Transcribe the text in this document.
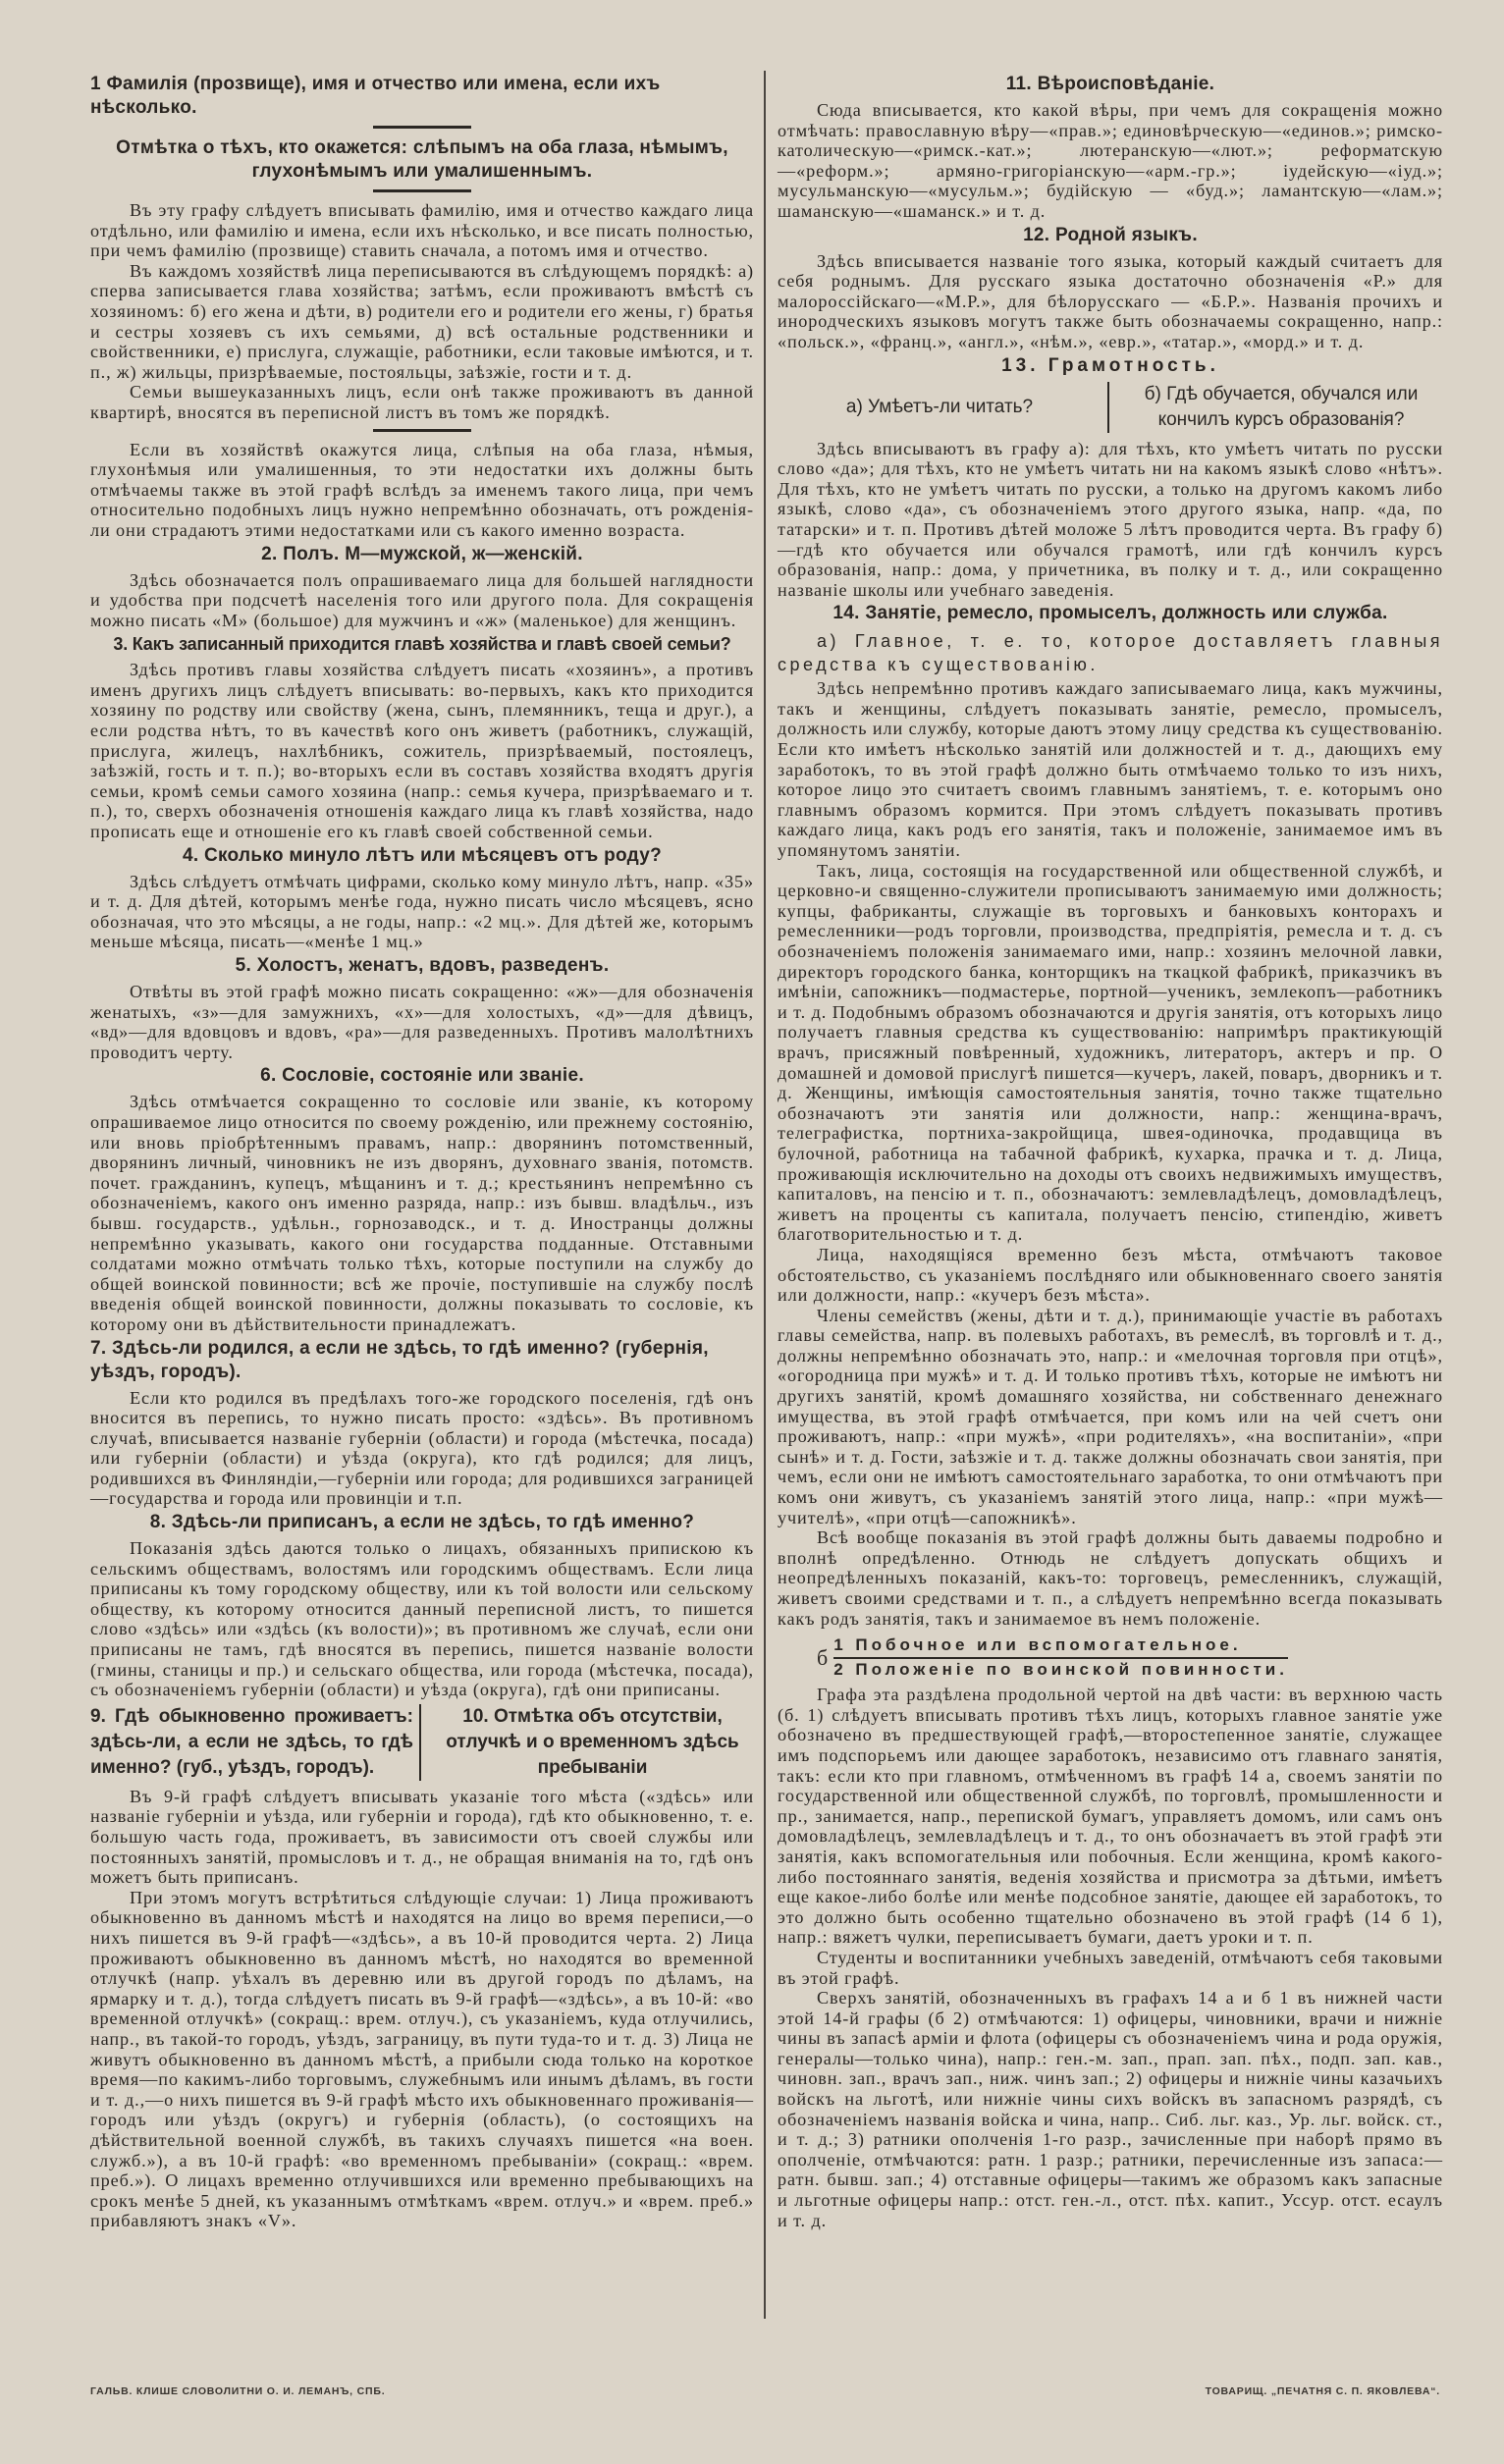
1 Фамилія (прозвище), имя и отчество или имена, если ихъ нѣсколько.
Отмѣтка о тѣхъ, кто окажется: слѣпымъ на оба глаза, нѣмымъ, глухонѣмымъ или умалишеннымъ.

Въ эту графу слѣдуетъ вписывать фамилію, имя и отчество каждаго лица отдѣльно, или фамилію и имена, если ихъ нѣсколько, и все писать полностью, при чемъ фамилію (прозвище) ставить сначала, а потомъ имя и отчество.

Въ каждомъ хозяйствѣ лица переписываются въ слѣдующемъ порядкѣ: а) сперва записывается глава хозяйства; затѣмъ, если проживаютъ вмѣстѣ съ хозяиномъ: б) его жена и дѣти, в) родители его и родители его жены, г) братья и сестры хозяевъ съ ихъ семьями, д) всѣ остальные родственники и свойственники, е) прислуга, служащіе, работники, если таковые имѣются, и т. п., ж) жильцы, призрѣваемые, постояльцы, заѣзжіе, гости и т. д.

Семьи вышеуказанныхъ лицъ, если онѣ также проживаютъ въ данной квартирѣ, вносятся въ переписной листъ въ томъ же порядкѣ.

Если въ хозяйствѣ окажутся лица, слѣпыя на оба глаза, нѣмыя, глухонѣмыя или умалишенныя, то эти недостатки ихъ должны быть отмѣчаемы также въ этой графѣ вслѣдъ за именемъ такого лица, при чемъ относительно подобныхъ лицъ нужно непремѣнно обозначать, отъ рожденія-ли они страдаютъ этими недостатками или съ какого именно возраста.

2. Полъ. М—мужской, ж—женскій.

Здѣсь обозначается полъ опрашиваемаго лица для большей наглядности и удобства при подсчетѣ населенія того или другого пола. Для сокращенія можно писать «М» (большое) для мужчинъ и «ж» (маленькое) для женщинъ.

3. Какъ записанный приходится главѣ хозяйства и главѣ своей семьи?

Здѣсь противъ главы хозяйства слѣдуетъ писать «хозяинъ», а противъ именъ другихъ лицъ слѣдуетъ вписывать: во-первыхъ, какъ кто приходится хозяину по родству или свойству (жена, сынъ, племянникъ, теща и друг.), а если родства нѣтъ, то въ качествѣ кого онъ живетъ (работникъ, служащій, прислуга, жилецъ, нахлѣбникъ, сожитель, призрѣваемый, постоялецъ, заѣзжій, гость и т. п.); во-вторыхъ если въ составъ хозяйства входятъ другія семьи, кромѣ семьи самого хозяина (напр.: семья кучера, призрѣваемаго и т. п.), то, сверхъ обозначенія отношенія каждаго лица къ главѣ хозяйства, надо прописать еще и отношеніе его къ главѣ своей собственной семьи.

4. Сколько минуло лѣтъ или мѣсяцевъ отъ роду?

Здѣсь слѣдуетъ отмѣчать цифрами, сколько кому минуло лѣтъ, напр. «35» и т. д. Для дѣтей, которымъ менѣе года, нужно писать число мѣсяцевъ, ясно обозначая, что это мѣсяцы, а не годы, напр.: «2 мц.». Для дѣтей же, которымъ меньше мѣсяца, писать—«менѣе 1 мц.»

5. Холостъ, женатъ, вдовъ, разведенъ.

Отвѣты въ этой графѣ можно писать сокращенно: «ж»—для обозначенія женатыхъ, «з»—для замужнихъ, «х»—для холостыхъ, «д»—для дѣвицъ, «вд»—для вдовцовъ и вдовъ, «ра»—для разведенныхъ. Противъ малолѣтнихъ проводитъ черту.

6. Сословіе, состояніе или званіе.

Здѣсь отмѣчается сокращенно то сословіе или званіе, къ которому опрашиваемое лицо относится по своему рожденію, или прежнему состоянію, или вновь пріобрѣтеннымъ правамъ, напр.: дворянинъ потомственный, дворянинъ личный, чиновникъ не изъ дворянъ, духовнаго званія, потомств. почет. гражданинъ, купецъ, мѣщанинъ и т. д.; крестьянинъ непремѣнно съ обозначеніемъ, какого онъ именно разряда, напр.: изъ бывш. владѣльч., изъ бывш. государств., удѣльн., горнозаводск., и т. д. Иностранцы должны непремѣнно указывать, какого они государства подданные. Отставными солдатами можно отмѣчать только тѣхъ, которые поступили на службу до общей воинской повинности; всѣ же прочіе, поступившіе на службу послѣ введенія общей воинской повинности, должны показывать то сословіе, къ которому они въ дѣйствительности принадлежатъ.

7. Здѣсь-ли родился, а если не здѣсь, то гдѣ именно? (губернія, уѣздъ, городъ).

Если кто родился въ предѣлахъ того-же городского поселенія, гдѣ онъ вносится въ перепись, то нужно писать просто: «здѣсь». Въ противномъ случаѣ, вписывается названіе губерніи (области) и города (мѣстечка, посада) или губерніи (области) и уѣзда (округа), кто гдѣ родился; для лицъ, родившихся въ Финляндіи,—губерніи или города; для родившихся заграницей—государства и города или провинціи и т.п.

8. Здѣсь-ли приписанъ, а если не здѣсь, то гдѣ именно?

Показанія здѣсь даются только о лицахъ, обязанныхъ припискою къ сельскимъ обществамъ, волостямъ или городскимъ обществамъ. Если лица приписаны къ тому городскому обществу, или къ той волости или сельскому обществу, къ которому относится данный переписной листъ, то пишется слово «здѣсь» или «здѣсь (къ волости)»; въ противномъ же случаѣ, если они приписаны не тамъ, гдѣ вносятся въ перепись, пишется названіе волости (гмины, станицы и пр.) и сельскаго общества, или города (мѣстечка, посада), съ обозначеніемъ губерніи (области) и уѣзда (округа), гдѣ они приписаны.

9. Гдѣ обыкновенно проживаетъ: здѣсь-ли, а если не здѣсь, то гдѣ именно? (губ., уѣздъ, городъ).
10. Отмѣтка объ отсутствіи, отлучкѣ и о временномъ здѣсь пребываніи

Въ 9-й графѣ слѣдуетъ вписывать указаніе того мѣста («здѣсь» или названіе губерніи и уѣзда, или губерніи и города), гдѣ кто обыкновенно, т. е. большую часть года, проживаетъ, въ зависимости отъ своей службы или постоянныхъ занятій, промысловъ и т. д., не обращая вниманія на то, гдѣ онъ можетъ быть приписанъ.

При этомъ могутъ встрѣтиться слѣдующіе случаи: 1) Лица проживаютъ обыкновенно въ данномъ мѣстѣ и находятся на лицо во время переписи,—о нихъ пишется въ 9-й графѣ—«здѣсь», а въ 10-й проводится черта. 2) Лица проживаютъ обыкновенно въ данномъ мѣстѣ, но находятся во временной отлучкѣ (напр. уѣхалъ въ деревню или въ другой городъ по дѣламъ, на ярмарку и т. д.), тогда слѣдуетъ писать въ 9-й графѣ—«здѣсь», а въ 10-й: «во временной отлучкѣ» (сокращ.: врем. отлуч.), съ указаніемъ, куда отлучились, напр., въ такой-то городъ, уѣздъ, заграницу, въ пути туда-то и т. д. 3) Лица не живутъ обыкновенно въ данномъ мѣстѣ, а прибыли сюда только на короткое время—по какимъ-либо торговымъ, служебнымъ или инымъ дѣламъ, въ гости и т. д.,—о нихъ пишется въ 9-й графѣ мѣсто ихъ обыкновеннаго проживанія—городъ или уѣздъ (округъ) и губернія (область), (о состоящихъ на дѣйствительной военной службѣ, въ такихъ случаяхъ пишется «на воен. служб.»), а въ 10-й графѣ: «во временномъ пребываніи» (сокращ.: «врем. преб.»). О лицахъ временно отлучившихся или временно пребывающихъ на срокъ менѣе 5 дней, къ указаннымъ отмѣткамъ «врем. отлуч.» и «врем. преб.» прибавляютъ знакъ «V».

11. Вѣроисповѣданіе.

Сюда вписывается, кто какой вѣры, при чемъ для сокращенія можно отмѣчать: православную вѣру—«прав.»; единовѣрческую—«единов.»; римско-католическую—«римск.-кат.»; лютеранскую—«лют.»; реформатскую—«реформ.»; армяно-григоріанскую—«арм.-гр.»; іудейскую—«іуд.»; мусульманскую—«мусульм.»; будійскую — «буд.»; ламантскую—«лам.»; шаманскую—«шаманск.» и т. д.

12. Родной языкъ.

Здѣсь вписывается названіе того языка, который каждый считаетъ для себя роднымъ. Для русскаго языка достаточно обозначенія «Р.» для малороссійскаго—«М.Р.», для бѣлорусскаго — «Б.Р.». Названія прочихъ и инородческихъ языковъ могутъ также быть обозначаемы сокращенно, напр.: «польск.», «франц.», «англ.», «нѣм.», «евр.», «татар.», «морд.» и т. д.

13. Грамотность.
а) Умѣетъ-ли читать?
б) Гдѣ обучается, обучался или кончилъ курсъ образованія?

Здѣсь вписываютъ въ графу а): для тѣхъ, кто умѣетъ читать по русски слово «да»; для тѣхъ, кто не умѣетъ читать ни на какомъ языкѣ слово «нѣтъ». Для тѣхъ, кто не умѣетъ читать по русски, а только на другомъ какомъ либо языкѣ, слово «да», съ обозначеніемъ этого другого языка, напр. «да, по татарски» и т. п. Противъ дѣтей моложе 5 лѣтъ проводится черта. Въ графу б)—гдѣ кто обучается или обучался грамотѣ, или гдѣ кончилъ курсъ образованія, напр.: дома, у причетника, въ полку и т. д., или сокращенно названіе школы или учебнаго заведенія.

14. Занятіе, ремесло, промыселъ, должность или служба.
а) Главное, т. е. то, которое доставляетъ главныя средства къ существованію.

Здѣсь непремѣнно противъ каждаго записываемаго лица, какъ мужчины, такъ и женщины, слѣдуетъ показывать занятіе, ремесло, промыселъ, должность или службу, которые даютъ этому лицу средства къ существованію. Если кто имѣетъ нѣсколько занятій или должностей и т. д., дающихъ ему заработокъ, то въ этой графѣ должно быть отмѣчаемо только то изъ нихъ, которое лицо это считаетъ своимъ главнымъ занятіемъ, т. е. которымъ оно главнымъ образомъ кормится. При этомъ слѣдуетъ показывать противъ каждаго лица, какъ родъ его занятія, такъ и положеніе, занимаемое имъ въ упомянутомъ занятіи.

Такъ, лица, состоящія на государственной или общественной службѣ, и церковно-и священно-служители прописываютъ занимаемую ими должность; купцы, фабриканты, служащіе въ торговыхъ и банковыхъ конторахъ и ремесленники—родъ торговли, производства, предпріятія, ремесла и т. д. съ обозначеніемъ положенія занимаемаго ими, напр.: хозяинъ мелочной лавки, директоръ городского банка, конторщикъ на ткацкой фабрикѣ, приказчикъ въ имѣніи, сапожникъ—подмастерье, портной—ученикъ, землекопъ—работникъ и т. д. Подобнымъ образомъ обозначаются и другія занятія, отъ которыхъ лицо получаетъ главныя средства къ существованію: напримѣръ практикующій врачъ, присяжный повѣренный, художникъ, литераторъ, актеръ и пр. О домашней и домовой прислугѣ пишется—кучеръ, лакей, поваръ, дворникъ и т. д. Женщины, имѣющія самостоятельныя занятія, точно также тщательно обозначаютъ эти занятія или должности, напр.: женщина-врачъ, телеграфистка, портниха-закройщица, швея-одиночка, продавщица въ булочной, работница на табачной фабрикѣ, кухарка, прачка и т. д. Лица, проживающія исключительно на доходы отъ своихъ недвижимыхъ имуществъ, капиталовъ, на пенсію и т. п., обозначаютъ: землевладѣлецъ, домовладѣлецъ, живетъ на проценты съ капитала, получаетъ пенсію, стипендію, живетъ благотворительностью и т. д.

Лица, находящіяся временно безъ мѣста, отмѣчаютъ таковое обстоятельство, съ указаніемъ послѣдняго или обыкновеннаго своего занятія или должности, напр.: «кучеръ безъ мѣста».

Члены семействъ (жены, дѣти и т. д.), принимающіе участіе въ работахъ главы семейства, напр. въ полевыхъ работахъ, въ ремеслѣ, въ торговлѣ и т. д., должны непремѣнно обозначать это, напр.: и «мелочная торговля при отцѣ», «огородница при мужѣ» и т. д. И только противъ тѣхъ, которые не имѣютъ ни другихъ занятій, кромѣ домашняго хозяйства, ни собственнаго денежнаго имущества, въ этой графѣ отмѣчается, при комъ или на чей счетъ они проживаютъ, напр.: «при мужѣ», «при родителяхъ», «на воспитаніи», «при сынѣ» и т. д. Гости, заѣзжіе и т. д. также должны обозначать свои занятія, при чемъ, если они не имѣютъ самостоятельнаго заработка, то они отмѣчаютъ при комъ они живутъ, съ указаніемъ занятій этого лица, напр.: «при мужѣ—учителѣ», «при отцѣ—сапожникѣ».

Всѣ вообще показанія въ этой графѣ должны быть даваемы подробно и вполнѣ опредѣленно. Отнюдь не слѣдуетъ допускать общихъ и неопредѣленныхъ показаній, какъ-то: торговецъ, ремесленникъ, служащій, живетъ своими средствами и т. п., а слѣдуетъ непремѣнно всегда показывать какъ родъ занятія, такъ и занимаемое въ немъ положеніе.

б 1 Побочное или вспомогательное.
2 Положеніе по воинской повинности.

Графа эта раздѣлена продольной чертой на двѣ части: въ верхнюю часть (б. 1) слѣдуетъ вписывать противъ тѣхъ лицъ, которыхъ главное занятіе уже обозначено въ предшествующей графѣ,—второстепенное занятіе, служащее имъ подспорьемъ или дающее заработокъ, независимо отъ главнаго занятія, такъ: если кто при главномъ, отмѣченномъ въ графѣ 14 а, своемъ занятіи по государственной или общественной службѣ, по торговлѣ, промышленности и пр., занимается, напр., перепиской бумагъ, управляетъ домомъ, или самъ онъ домовладѣлецъ, землевладѣлецъ и т. д., то онъ обозначаетъ въ этой графѣ эти занятія, какъ вспомогательныя или побочныя. Если женщина, кромѣ какого-либо постояннаго занятія, веденія хозяйства и присмотра за дѣтьми, имѣетъ еще какое-либо болѣе или менѣе подсобное занятіе, дающее ей заработокъ, то это должно быть особенно тщательно обозначено въ этой графѣ (14 б 1), напр.: вяжетъ чулки, переписываетъ бумаги, даетъ уроки и т. п.

Студенты и воспитанники учебныхъ заведеній, отмѣчаютъ себя таковыми въ этой графѣ.

Сверхъ занятій, обозначенныхъ въ графахъ 14 а и б 1 въ нижней части этой 14-й графы (б 2) отмѣчаются: 1) офицеры, чиновники, врачи и нижніе чины въ запасѣ арміи и флота (офицеры съ обозначеніемъ чина и рода оружія, генералы—только чина), напр.: ген.-м. зап., прап. зап. пѣх., подп. зап. кав., чиновн. зап., врачъ зап., ниж. чинъ зап.; 2) офицеры и нижніе чины казачьихъ войскъ на льготѣ, или нижніе чины сихъ войскъ въ запасномъ разрядѣ, съ обозначеніемъ названія войска и чина, напр.. Сиб. льг. каз., Ур. льг. войск. ст., и т. д.; 3) ратники ополченія 1-го разр., зачисленные при наборѣ прямо въ ополченіе, отмѣчаются: ратн. 1 разр.; ратники, перечисленные изъ запаса:—ратн. бывш. зап.; 4) отставные офицеры—такимъ же образомъ какъ запасные и льготные офицеры напр.: отст. ген.-л., отст. пѣх. капит., Уссур. отст. есаулъ и т. д.

ГАЛЬВ. КЛИШЕ СЛОВОЛИТНИ О. И. ЛЕМАНЪ, СПБ.	ТОВАРИЩ. „ПЕЧАТНЯ С. П. ЯКОВЛЕВА“.
